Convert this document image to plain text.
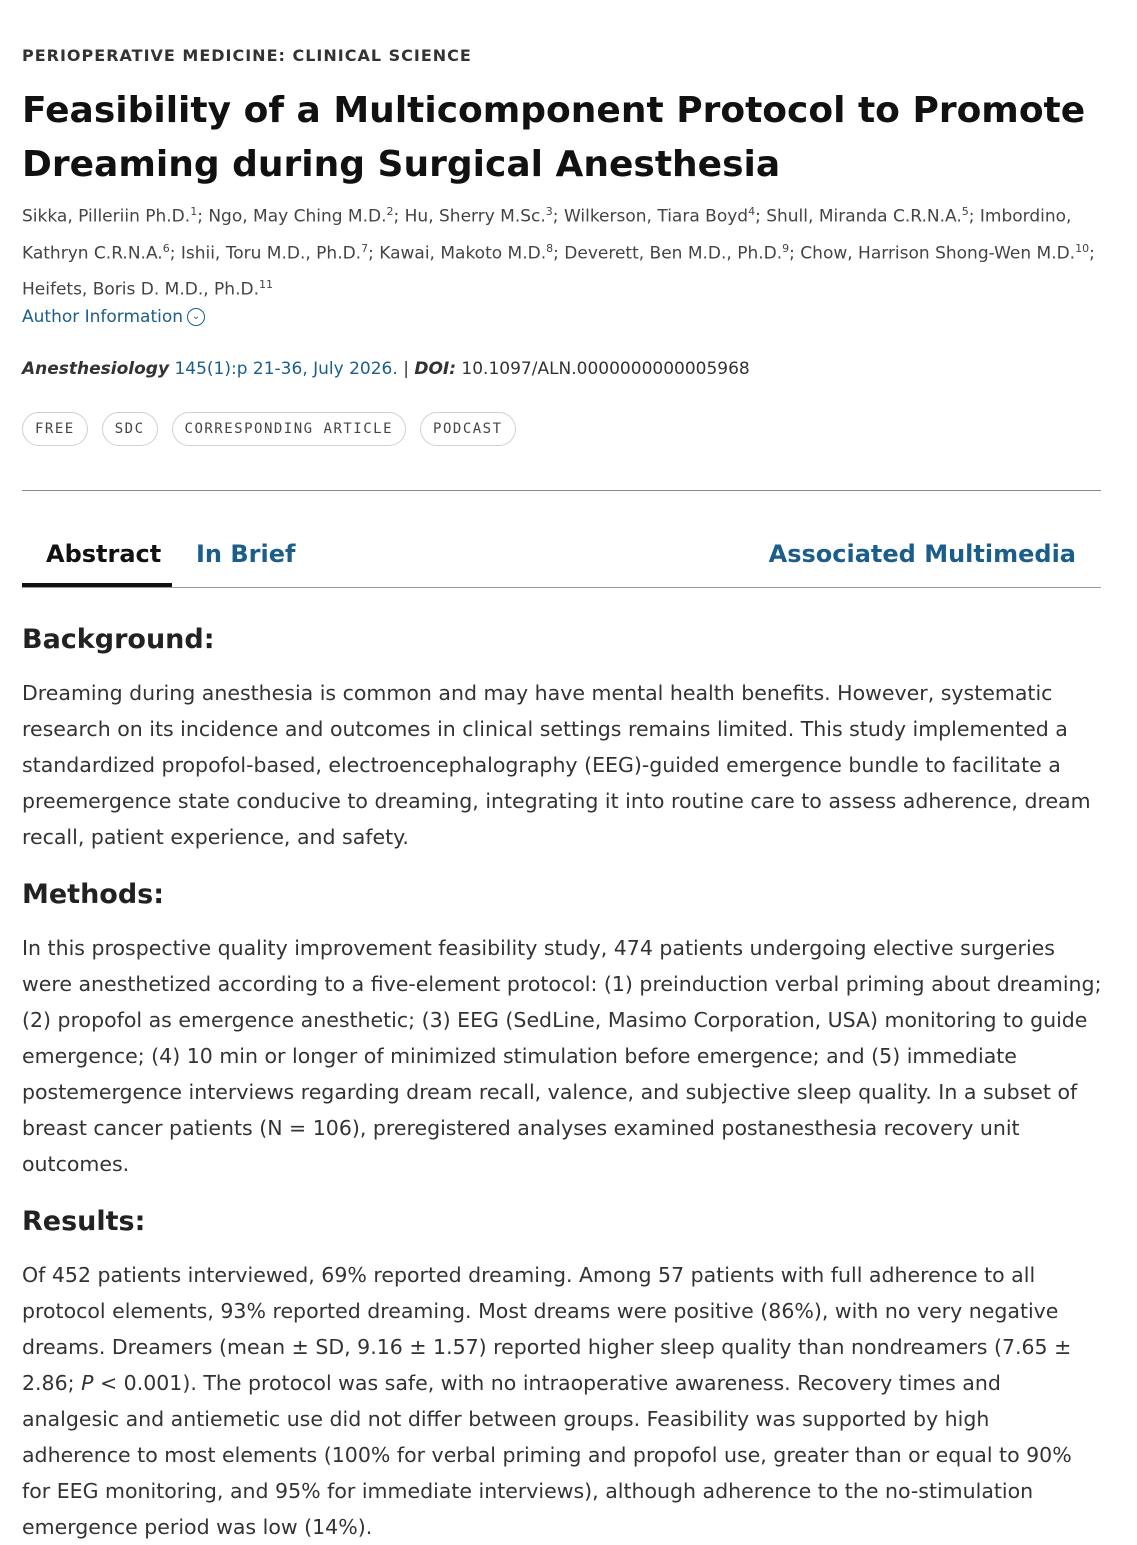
PERIOPERATIVE MEDICINE: CLINICAL SCIENCE
Feasibility of a Multicomponent Protocol to Promote Dreaming during Surgical Anesthesia
Sikka, Pilleriin Ph.D.$^1$; Ngo, May Ching M.D.$^2$; Hu, Sherry M.Sc.$^3$; Wilkerson, Tiara Boyd$^4$; Shull, Miranda C.R.N.A.$^5$; Imbordino, Kathryn C.R.N.A.$^6$; Ishii, Toru M.D., Ph.D.$^7$; Kawai, Makoto M.D.$^8$; Deverett, Ben M.D., Ph.D.$^9$; Chow, Harrison Shong-Wen M.D.$^{10}$; Heifets, Boris D. M.D., Ph.D.$^{11}$
Author Information ⌄
Anesthesiology 145(1):p 21-36, July 2026. | DOI: 10.1097/ALN.0000000000005968
FREE	SDC	CORRESPONDING ARTICLE	PODCAST
Abstract In Brief	Associated Multimedia
Background:

Dreaming during anesthesia is common and may have mental health benefits. However, systematic research on its incidence and outcomes in clinical settings remains limited. This study implemented a standardized propofol-based, electroencephalography (EEG)-guided emergence bundle to facilitate a preemergence state conducive to dreaming, integrating it into routine care to assess adherence, dream recall, patient experience, and safety.

Methods:

In this prospective quality improvement feasibility study, 474 patients undergoing elective surgeries were anesthetized according to a five-element protocol: (1) preinduction verbal priming about dreaming; (2) propofol as emergence anesthetic; (3) EEG (SedLine, Masimo Corporation, USA) monitoring to guide emergence; (4) 10 min or longer of minimized stimulation before emergence; and (5) immediate postemergence interviews regarding dream recall, valence, and subjective sleep quality. In a subset of breast cancer patients (N = 106), preregistered analyses examined postanesthesia recovery unit outcomes.

Results:

Of 452 patients interviewed, 69% reported dreaming. Among 57 patients with full adherence to all protocol elements, 93% reported dreaming. Most dreams were positive (86%), with no very negative dreams. Dreamers (mean ± SD, 9.16 ± 1.57) reported higher sleep quality than nondreamers (7.65 ± 2.86; P < 0.001). The protocol was safe, with no intraoperative awareness. Recovery times and analgesic and antiemetic use did not differ between groups. Feasibility was supported by high adherence to most elements (100% for verbal priming and propofol use, greater than or equal to 90% for EEG monitoring, and 95% for immediate interviews), although adherence to the no-stimulation emergence period was low (14%).
